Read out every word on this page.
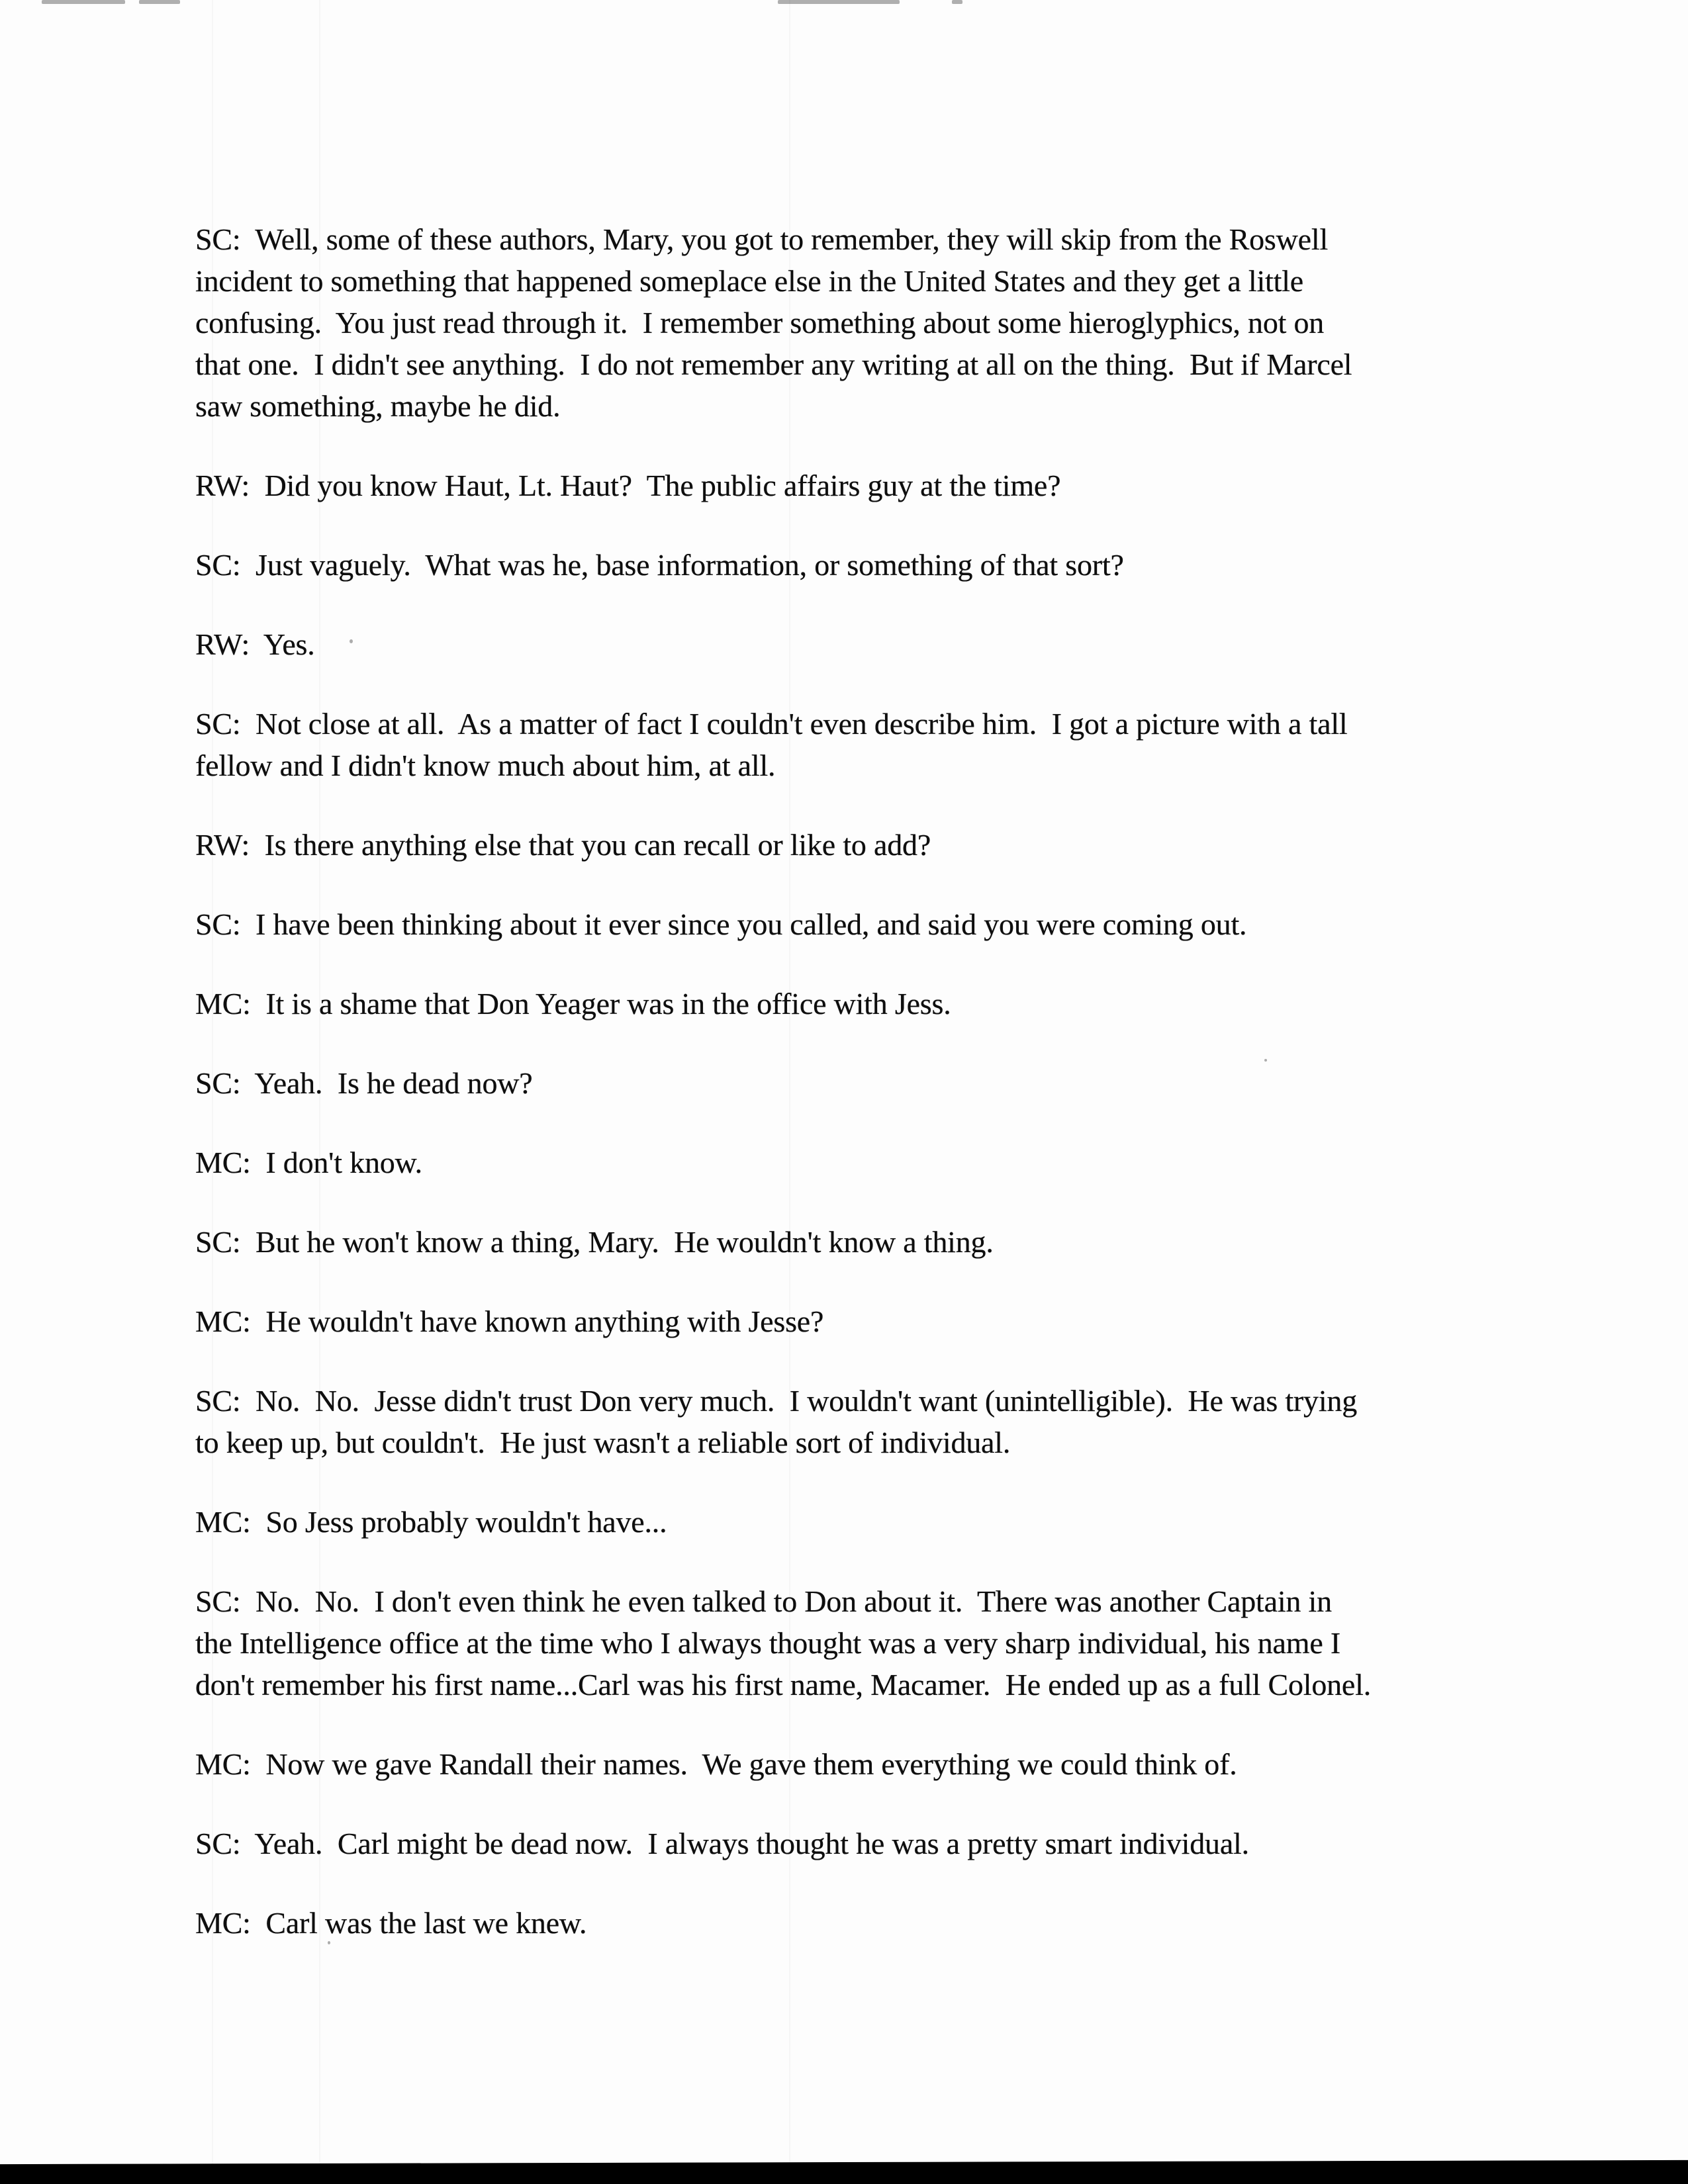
SC:  Well, some of these authors, Mary, you got to remember, they will skip from the Roswell
incident to something that happened someplace else in the United States and they get a little
confusing.  You just read through it.  I remember something about some hieroglyphics, not on
that one.  I didn't see anything.  I do not remember any writing at all on the thing.  But if Marcel
saw something, maybe he did.

RW:  Did you know Haut, Lt. Haut?  The public affairs guy at the time?

SC:  Just vaguely.  What was he, base information, or something of that sort?

RW:  Yes.

SC:  Not close at all.  As a matter of fact I couldn't even describe him.  I got a picture with a tall
fellow and I didn't know much about him, at all.

RW:  Is there anything else that you can recall or like to add?

SC:  I have been thinking about it ever since you called, and said you were coming out.

MC:  It is a shame that Don Yeager was in the office with Jess.

SC:  Yeah.  Is he dead now?

MC:  I don't know.

SC:  But he won't know a thing, Mary.  He wouldn't know a thing.

MC:  He wouldn't have known anything with Jesse?

SC:  No.  No.  Jesse didn't trust Don very much.  I wouldn't want (unintelligible).  He was trying
to keep up, but couldn't.  He just wasn't a reliable sort of individual.

MC:  So Jess probably wouldn't have...

SC:  No.  No.  I don't even think he even talked to Don about it.  There was another Captain in
the Intelligence office at the time who I always thought was a very sharp individual, his name I
don't remember his first name...Carl was his first name, Macamer.  He ended up as a full Colonel.

MC:  Now we gave Randall their names.  We gave them everything we could think of.

SC:  Yeah.  Carl might be dead now.  I always thought he was a pretty smart individual.

MC:  Carl was the last we knew.
